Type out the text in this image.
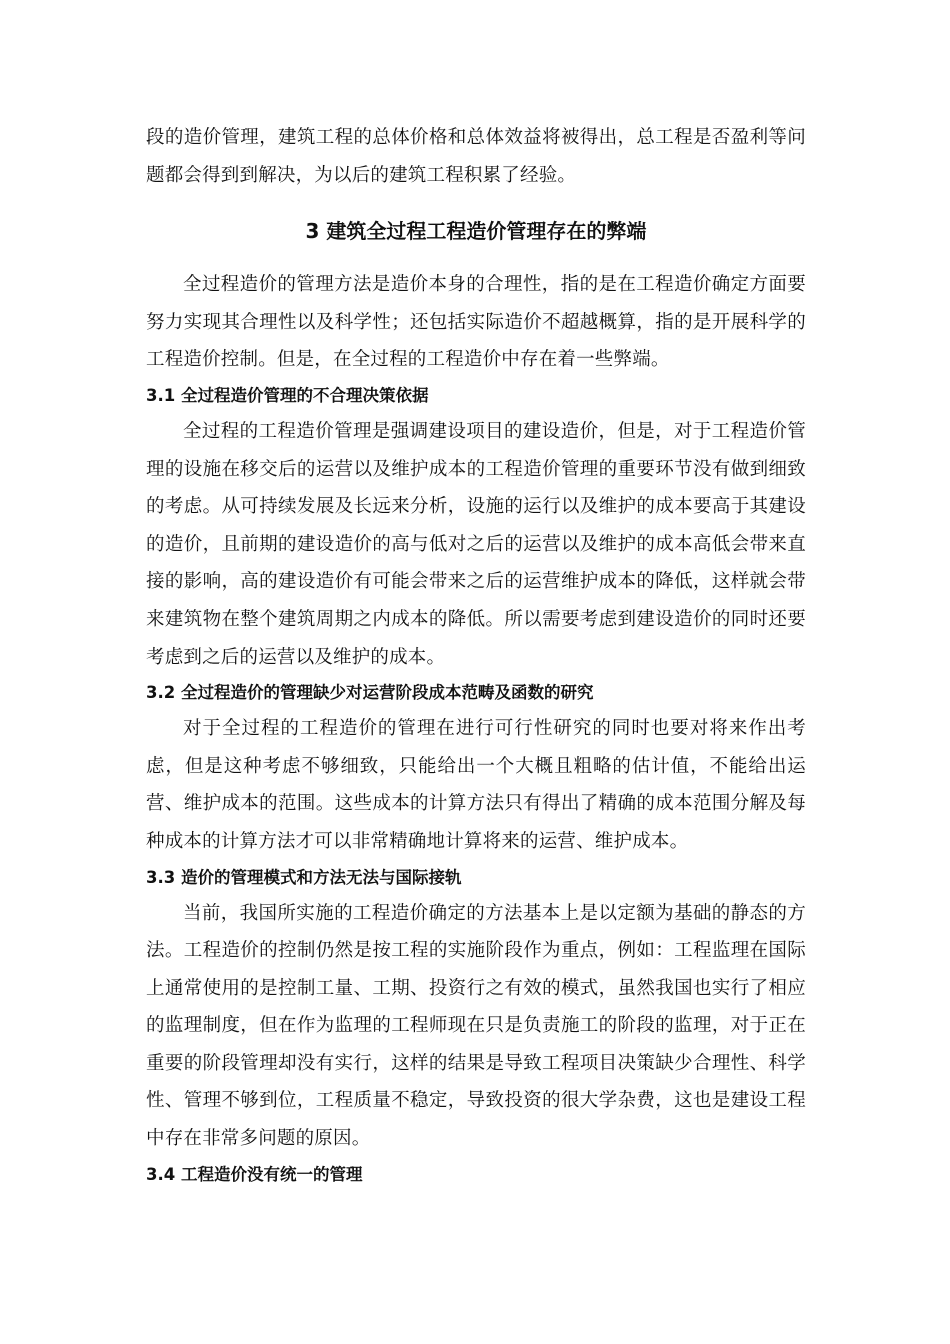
段的造价管理，建筑工程的总体价格和总体效益将被得出，总工程是否盈利等问题都会得到到解决，为以后的建筑工程积累了经验。

3 建筑全过程工程造价管理存在的弊端

全过程造价的管理方法是造价本身的合理性，指的是在工程造价确定方面要努力实现其合理性以及科学性；还包括实际造价不超越概算，指的是开展科学的工程造价控制。但是，在全过程的工程造价中存在着一些弊端。

3.1 全过程造价管理的不合理决策依据

全过程的工程造价管理是强调建设项目的建设造价，但是，对于工程造价管理的设施在移交后的运营以及维护成本的工程造价管理的重要环节没有做到细致的考虑。从可持续发展及长远来分析，设施的运行以及维护的成本要高于其建设的造价，且前期的建设造价的高与低对之后的运营以及维护的成本高低会带来直接的影响，高的建设造价有可能会带来之后的运营维护成本的降低，这样就会带来建筑物在整个建筑周期之内成本的降低。所以需要考虑到建设造价的同时还要考虑到之后的运营以及维护的成本。

3.2 全过程造价的管理缺少对运营阶段成本范畴及函数的研究

对于全过程的工程造价的管理在进行可行性研究的同时也要对将来作出考虑，但是这种考虑不够细致，只能给出一个大概且粗略的估计值，不能给出运营、维护成本的范围。这些成本的计算方法只有得出了精确的成本范围分解及每种成本的计算方法才可以非常精确地计算将来的运营、维护成本。

3.3 造价的管理模式和方法无法与国际接轨

当前，我国所实施的工程造价确定的方法基本上是以定额为基础的静态的方法。工程造价的控制仍然是按工程的实施阶段作为重点，例如：工程监理在国际上通常使用的是控制工量、工期、投资行之有效的模式，虽然我国也实行了相应的监理制度，但在作为监理的工程师现在只是负责施工的阶段的监理，对于正在重要的阶段管理却没有实行，这样的结果是导致工程项目决策缺少合理性、科学性、管理不够到位，工程质量不稳定，导致投资的很大学杂费，这也是建设工程中存在非常多问题的原因。

3.4 工程造价没有统一的管理
